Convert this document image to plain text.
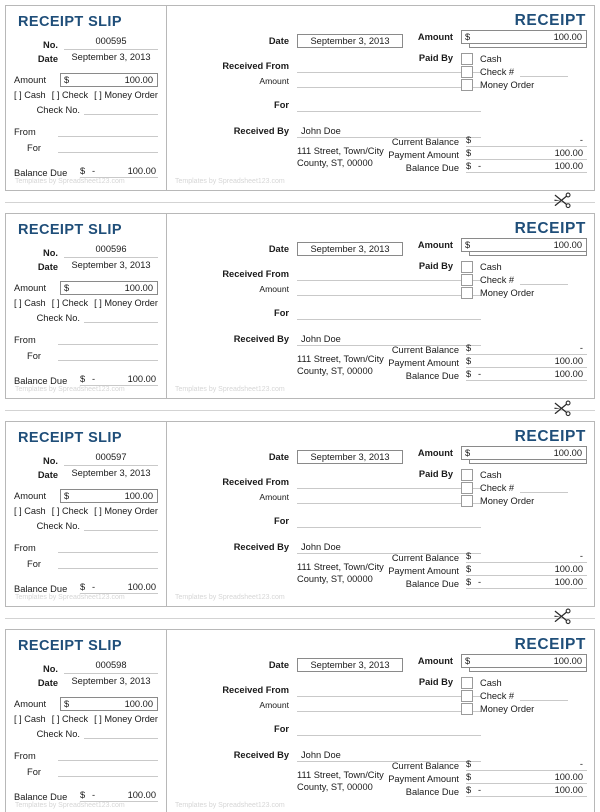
RECEIPT SLIP
No.	000595
Date	September 3, 2013
Amount	$	100.00
[ ] Cash [ ] Check [ ] Money Order
Check No.
From
For
Balance Due	$ -	100.00
Templates by Spreadsheet123.com
RECEIPT
Date	September 3, 2013
Received From
Amount
For
Received By	John Doe
111 Street, Town/City
County, ST, 00000
Amount $	100.00
Paid By	Cash
Check #
Money Order
Current Balance $	-
Payment Amount $	100.00
Balance Due $ -	100.00
Templates by Spreadsheet123.com
RECEIPT SLIP
No.	000596
Date	September 3, 2013
Amount	$	100.00
[ ] Cash [ ] Check [ ] Money Order
Check No.
From
For
Balance Due	$ -	100.00
Templates by Spreadsheet123.com
RECEIPT
Date	September 3, 2013
Received From
Amount
For
Received By	John Doe
111 Street, Town/City
County, ST, 00000
Amount $	100.00
Paid By	Cash
Check #
Money Order
Current Balance $	-
Payment Amount $	100.00
Balance Due $ -	100.00
Templates by Spreadsheet123.com
RECEIPT SLIP
No.	000597
Date	September 3, 2013
Amount	$	100.00
[ ] Cash [ ] Check [ ] Money Order
Check No.
From
For
Balance Due	$ -	100.00
Templates by Spreadsheet123.com
RECEIPT
Date	September 3, 2013
Received From
Amount
For
Received By	John Doe
111 Street, Town/City
County, ST, 00000
Amount $	100.00
Paid By	Cash
Check #
Money Order
Current Balance $	-
Payment Amount $	100.00
Balance Due $ -	100.00
Templates by Spreadsheet123.com
RECEIPT SLIP
No.	000598
Date	September 3, 2013
Amount	$	100.00
[ ] Cash [ ] Check [ ] Money Order
Check No.
From
For
Balance Due	$ -	100.00
Templates by Spreadsheet123.com
RECEIPT
Date	September 3, 2013
Received From
Amount
For
Received By	John Doe
111 Street, Town/City
County, ST, 00000
Amount $	100.00
Paid By	Cash
Check #
Money Order
Current Balance $	-
Payment Amount $	100.00
Balance Due $ -	100.00
Templates by Spreadsheet123.com
